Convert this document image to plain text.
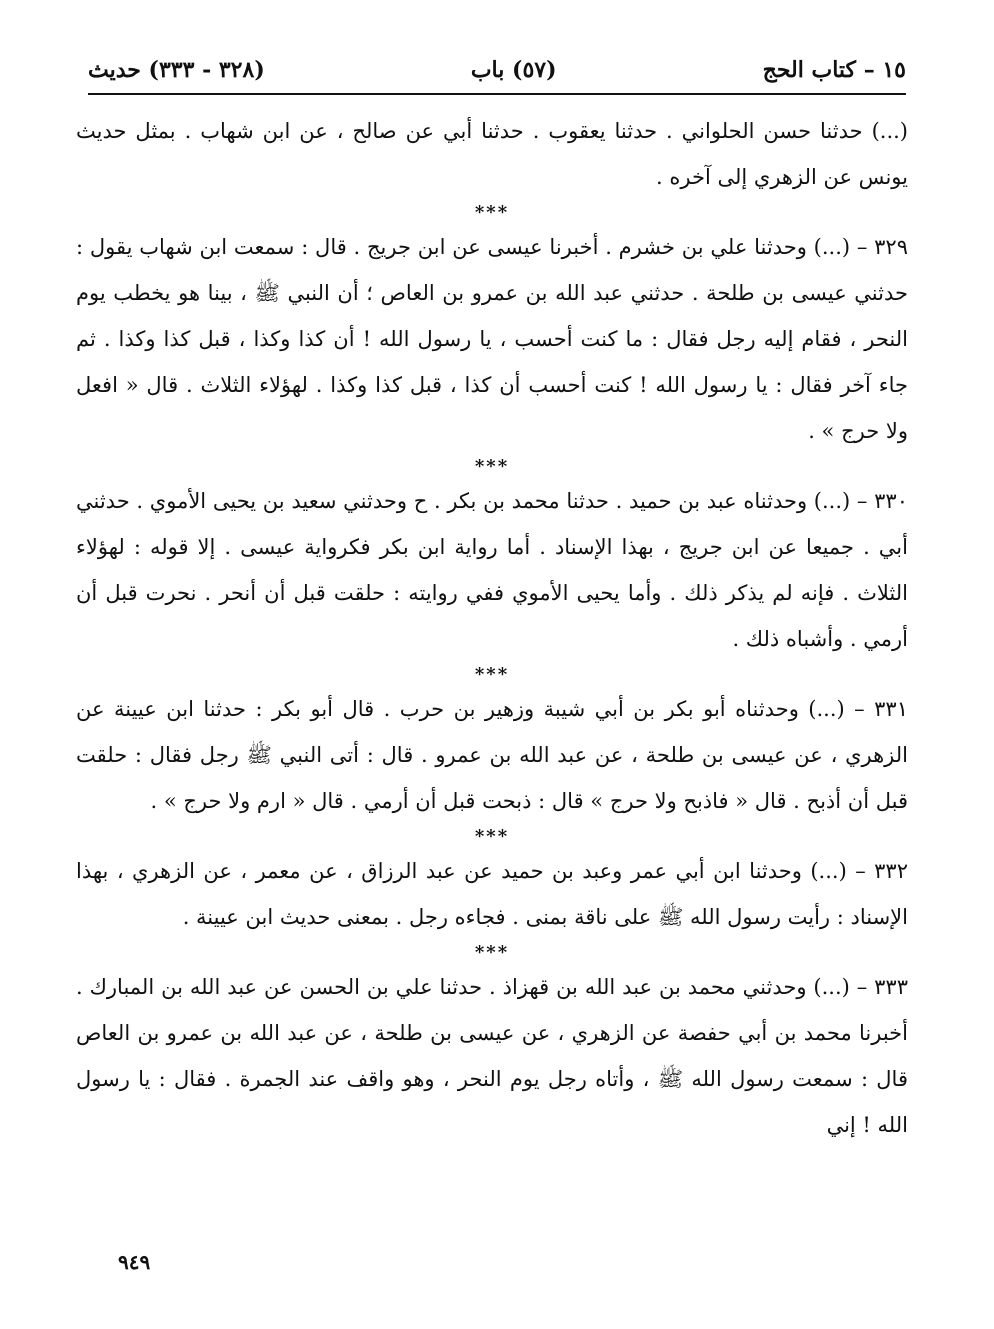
١٥ – كتاب الحج
(٥٧) باب
(٣٢٨ - ٣٣٣) حديث

(...) حدثنا حسن الحلواني . حدثنا يعقوب . حدثنا أبي عن صالح ، عن ابن شهاب . بمثل حديث يونس عن الزهري إلى آخره .

***

٣٢٩ – (...) وحدثنا علي بن خشرم . أخبرنا عيسى عن ابن جريج . قال : سمعت ابن شهاب يقول : حدثني عيسى بن طلحة . حدثني عبد الله بن عمرو بن العاص ؛ أن النبي ﷺ ، بينا هو يخطب يوم النحر ، فقام إليه رجل فقال : ما كنت أحسب ، يا رسول الله ! أن كذا وكذا ، قبل كذا وكذا . ثم جاء آخر فقال : يا رسول الله ! كنت أحسب أن كذا ، قبل كذا وكذا . لهؤلاء الثلاث . قال « افعل ولا حرج » .

***

٣٣٠ – (...) وحدثناه عبد بن حميد . حدثنا محمد بن بكر . ح وحدثني سعيد بن يحيى الأموي . حدثني أبي . جميعا عن ابن جريج ، بهذا الإسناد . أما رواية ابن بكر فكرواية عيسى . إلا قوله : لهؤلاء الثلاث . فإنه لم يذكر ذلك . وأما يحيى الأموي ففي روايته : حلقت قبل أن أنحر . نحرت قبل أن أرمي . وأشباه ذلك .

***

٣٣١ – (...) وحدثناه أبو بكر بن أبي شيبة وزهير بن حرب . قال أبو بكر : حدثنا ابن عيينة عن الزهري ، عن عيسى بن طلحة ، عن عبد الله بن عمرو . قال : أتى النبي ﷺ رجل فقال : حلقت قبل أن أذبح . قال « فاذبح ولا حرج » قال : ذبحت قبل أن أرمي . قال « ارم ولا حرج » .

***

٣٣٢ – (...) وحدثنا ابن أبي عمر وعبد بن حميد عن عبد الرزاق ، عن معمر ، عن الزهري ، بهذا الإسناد : رأيت رسول الله ﷺ على ناقة بمنى . فجاءه رجل . بمعنى حديث ابن عيينة .

***

٣٣٣ – (...) وحدثني محمد بن عبد الله بن قهزاذ . حدثنا علي بن الحسن عن عبد الله بن المبارك . أخبرنا محمد بن أبي حفصة عن الزهري ، عن عيسى بن طلحة ، عن عبد الله بن عمرو بن العاص قال : سمعت رسول الله ﷺ ، وأتاه رجل يوم النحر ، وهو واقف عند الجمرة . فقال : يا رسول الله ! إني

٩٤٩
